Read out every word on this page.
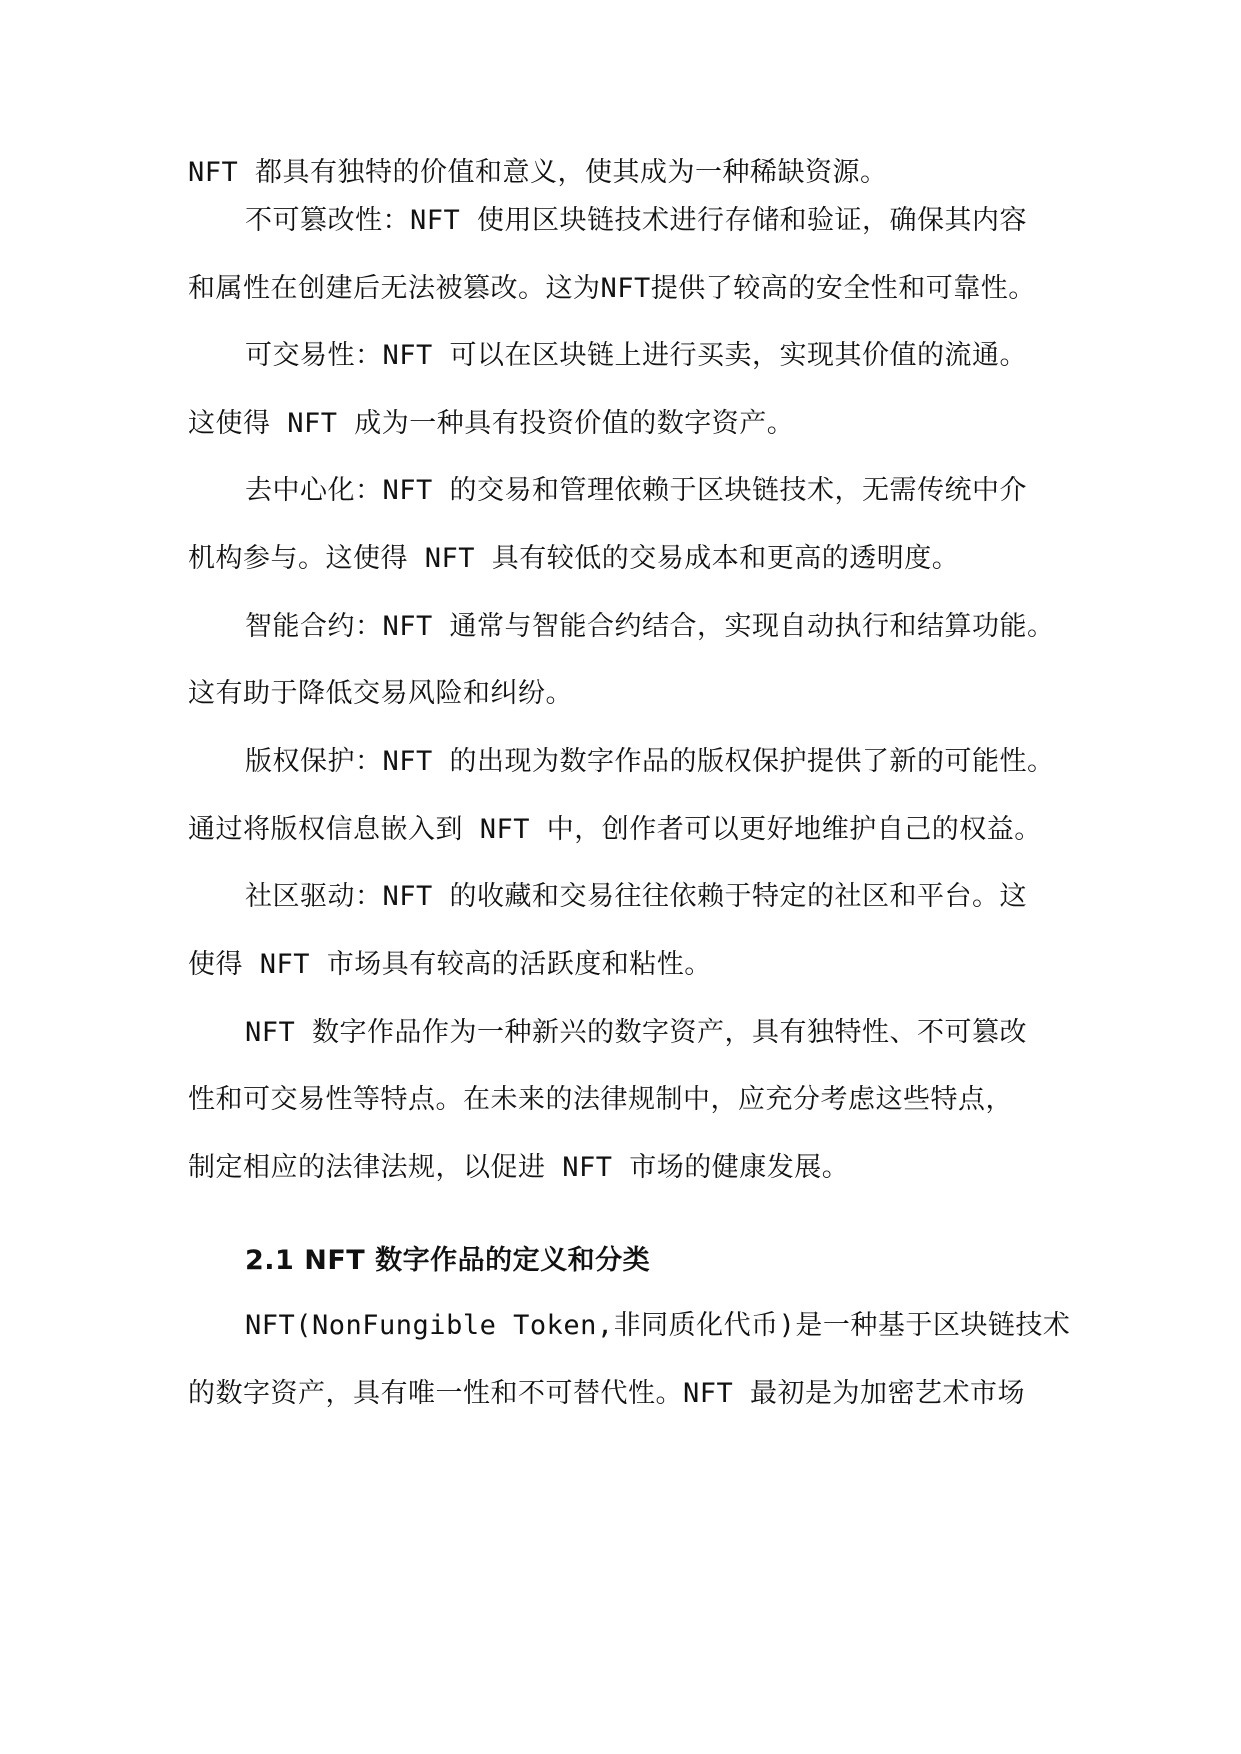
NFT 都具有独特的价值和意义，使其成为一种稀缺资源。
不可篡改性：NFT 使用区块链技术进行存储和验证，确保其内容
和属性在创建后无法被篡改。这为NFT提供了较高的安全性和可靠性。
可交易性：NFT 可以在区块链上进行买卖，实现其价值的流通。
这使得 NFT 成为一种具有投资价值的数字资产。
去中心化：NFT 的交易和管理依赖于区块链技术，无需传统中介
机构参与。这使得 NFT 具有较低的交易成本和更高的透明度。
智能合约：NFT 通常与智能合约结合，实现自动执行和结算功能。
这有助于降低交易风险和纠纷。
版权保护：NFT 的出现为数字作品的版权保护提供了新的可能性。
通过将版权信息嵌入到 NFT 中，创作者可以更好地维护自己的权益。
社区驱动：NFT 的收藏和交易往往依赖于特定的社区和平台。这
使得 NFT 市场具有较高的活跃度和粘性。
NFT 数字作品作为一种新兴的数字资产，具有独特性、不可篡改
性和可交易性等特点。在未来的法律规制中，应充分考虑这些特点，
制定相应的法律法规，以促进 NFT 市场的健康发展。
2.1 NFT 数字作品的定义和分类
NFT(NonFungible Token,非同质化代币)是一种基于区块链技术
的数字资产，具有唯一性和不可替代性。NFT 最初是为加密艺术市场
